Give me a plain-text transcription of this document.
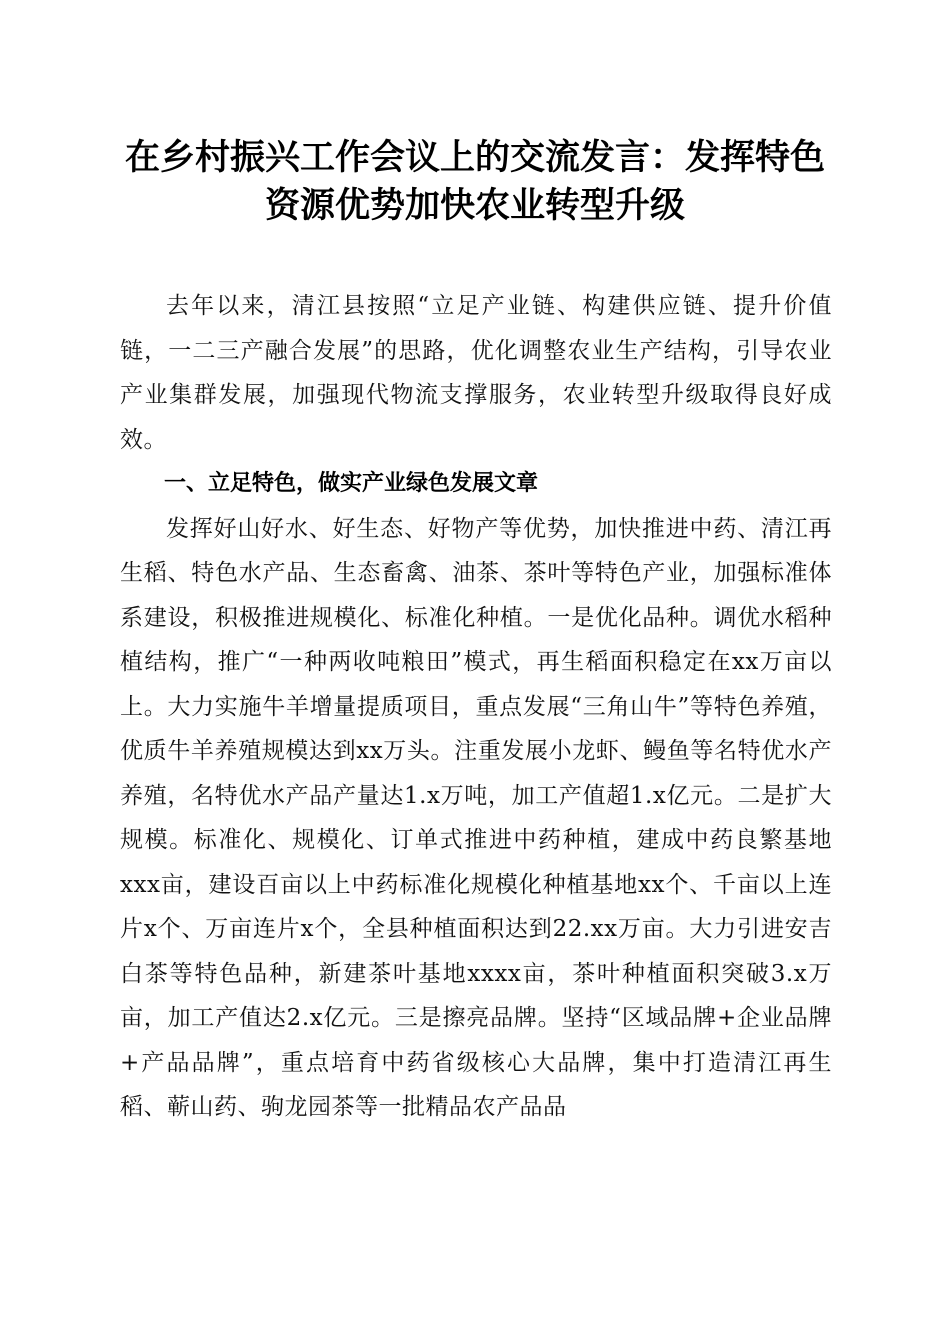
在乡村振兴工作会议上的交流发言：发挥特色
资源优势加快农业转型升级

去年以来，清江县按照“立足产业链、构建供应链、提升价值链，一二三产融合发展”的思路，优化调整农业生产结构，引导农业产业集群发展，加强现代物流支撑服务，农业转型升级取得良好成效。

一、立足特色，做实产业绿色发展文章

发挥好山好水、好生态、好物产等优势，加快推进中药、清江再生稻、特色水产品、生态畜禽、油茶、茶叶等特色产业，加强标准体系建设，积极推进规模化、标准化种植。一是优化品种。调优水稻种植结构，推广“一种两收吨粮田”模式，再生稻面积稳定在xx万亩以上。大力实施牛羊增量提质项目，重点发展“三角山牛”等特色养殖，优质牛羊养殖规模达到xx万头。注重发展小龙虾、鳗鱼等名特优水产养殖，名特优水产品产量达1.x万吨，加工产值超1.x亿元。二是扩大规模。标准化、规模化、订单式推进中药种植，建成中药良繁基地xxx亩，建设百亩以上中药标准化规模化种植基地xx个、千亩以上连片x个、万亩连片x个，全县种植面积达到22.xx万亩。大力引进安吉白茶等特色品种，新建茶叶基地xxxx亩，茶叶种植面积突破3.x万亩，加工产值达2.x亿元。三是擦亮品牌。坚持“区域品牌+企业品牌+产品品牌”，重点培育中药省级核心大品牌，集中打造清江再生稻、蕲山药、驹龙园茶等一批精品农产品品
